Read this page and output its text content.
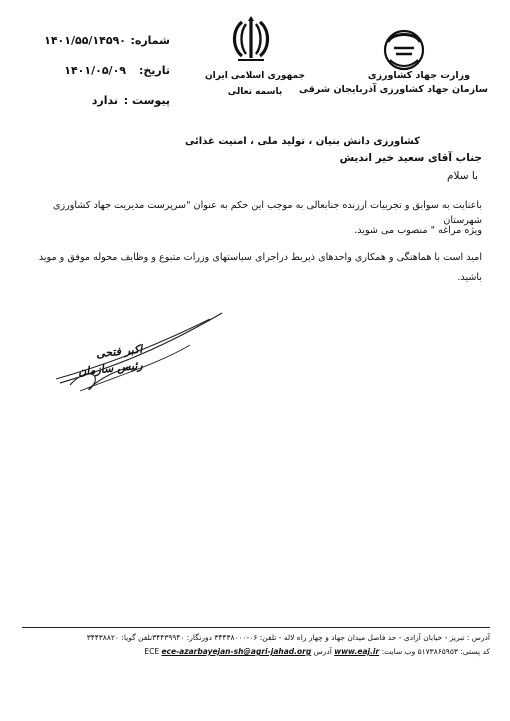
شماره:
۱۴۰۱/۵۵/۱۴۵۹۰
تاریخ:
۱۴۰۱/۰۵/۰۹
پیوست :
ندارد
جمهوری اسلامی ایران
باسمه تعالی
وزارت جهاد کشاورزی
سازمان جهاد کشاورزی آذربایجان شرقی
کشاورزی دانش بنیان ، تولید ملی ، امنیت غذائی
جناب آقای سعید خیر اندیش
با سلام
باعنایت به سوابق و تجربیات ارزنده جنابعالی به موجب این حکم به عنوان "سرپرست مدیریت جهاد کشاورزی شهرستان
ویژه مراغه " منصوب می شوید.
امید است با هماهنگی و همکاری واحدهای ذیربط دراجرای سیاستهای وزرات متبوع و وظایف محوله موفق و موید
باشید.
اکبر فتحی
رئیس سازمان
آدرس : تبریز - خیابان آزادی - حد فاصل میدان جهاد و چهار راه لاله - تلفن: ۰۶-۳۴۴۳۸۰۰۰ دورنگار: ۳۴۴۳۹۹۴۰تلفن گویا: ۳۴۴۳۸۸۲۰
کد پستی: ۵۱۷۳۸۶۵۹۵۳ وب سایت: www.eaj.ir آدرس ECE ece-azarbayejan-sh@agri-jahad.org
